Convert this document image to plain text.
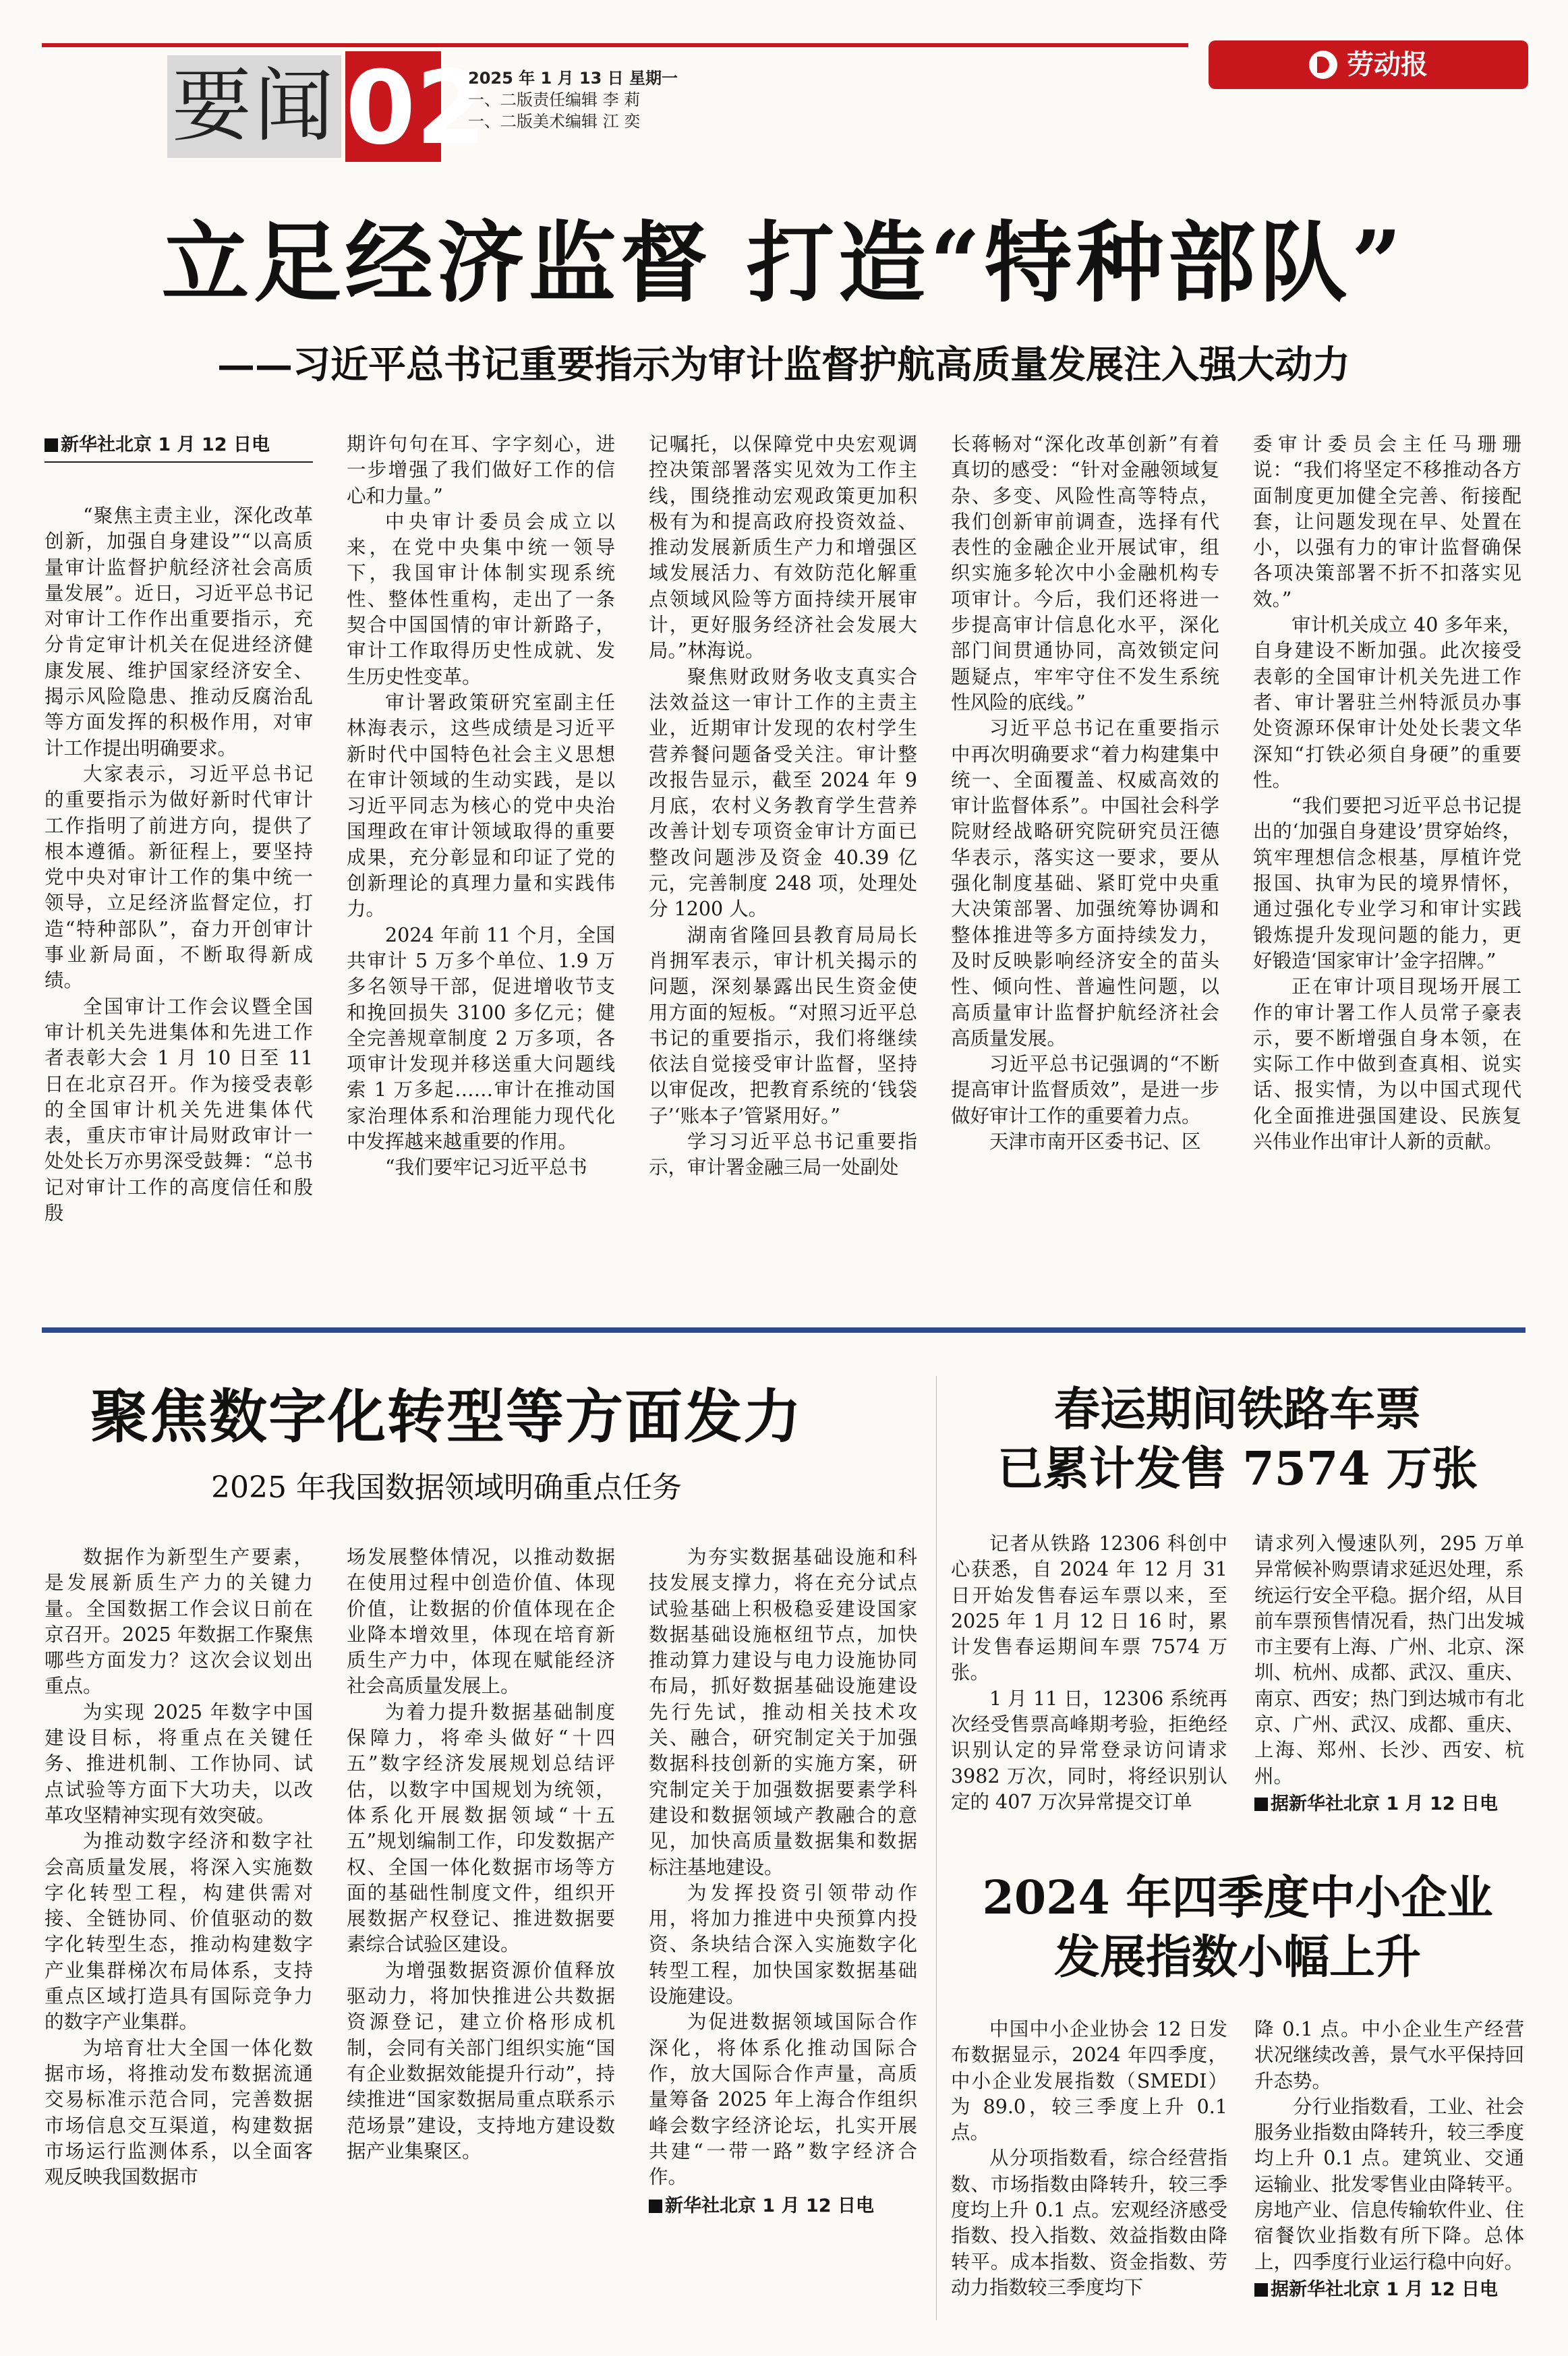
要闻 02
2025 年 1 月 13 日 星期一
一、二版责任编辑 李 莉
一、二版美术编辑 江 奕
劳动报
立足经济监督 打造“特种部队”
——习近平总书记重要指示为审计监督护航高质量发展注入强大动力
新华社北京 1 月 12 日电

“聚焦主责主业，深化改革创新，加强自身建设”“以高质量审计监督护航经济社会高质量发展”。近日，习近平总书记对审计工作作出重要指示，充分肯定审计机关在促进经济健康发展、维护国家经济安全、揭示风险隐患、推动反腐治乱等方面发挥的积极作用，对审计工作提出明确要求。

大家表示，习近平总书记的重要指示为做好新时代审计工作指明了前进方向，提供了根本遵循。新征程上，要坚持党中央对审计工作的集中统一领导，立足经济监督定位，打造“特种部队”，奋力开创审计事业新局面，不断取得新成绩。

全国审计工作会议暨全国审计机关先进集体和先进工作者表彰大会 1 月 10 日至 11 日在北京召开。作为接受表彰的全国审计机关先进集体代表，重庆市审计局财政审计一处处长万亦男深受鼓舞：“总书记对审计工作的高度信任和殷殷

期许句句在耳、字字刻心，进一步增强了我们做好工作的信心和力量。”

中央审计委员会成立以来，在党中央集中统一领导下，我国审计体制实现系统性、整体性重构，走出了一条契合中国国情的审计新路子，审计工作取得历史性成就、发生历史性变革。

审计署政策研究室副主任林海表示，这些成绩是习近平新时代中国特色社会主义思想在审计领域的生动实践，是以习近平同志为核心的党中央治国理政在审计领域取得的重要成果，充分彰显和印证了党的创新理论的真理力量和实践伟力。

2024 年前 11 个月，全国共审计 5 万多个单位、1.9 万多名领导干部，促进增收节支和挽回损失 3100 多亿元；健全完善规章制度 2 万多项，各项审计发现并移送重大问题线索 1 万多起……审计在推动国家治理体系和治理能力现代化中发挥越来越重要的作用。

“我们要牢记习近平总书

记嘱托，以保障党中央宏观调控决策部署落实见效为工作主线，围绕推动宏观政策更加积极有为和提高政府投资效益、推动发展新质生产力和增强区域发展活力、有效防范化解重点领域风险等方面持续开展审计，更好服务经济社会发展大局。”林海说。

聚焦财政财务收支真实合法效益这一审计工作的主责主业，近期审计发现的农村学生营养餐问题备受关注。审计整改报告显示，截至 2024 年 9 月底，农村义务教育学生营养改善计划专项资金审计方面已整改问题涉及资金 40.39 亿元，完善制度 248 项，处理处分 1200 人。

湖南省隆回县教育局局长肖拥军表示，审计机关揭示的问题，深刻暴露出民生资金使用方面的短板。“对照习近平总书记的重要指示，我们将继续依法自觉接受审计监督，坚持以审促改，把教育系统的‘钱袋子’‘账本子’管紧用好。”

学习习近平总书记重要指示，审计署金融三局一处副处

长蒋畅对“深化改革创新”有着真切的感受：“针对金融领域复杂、多变、风险性高等特点，我们创新审前调查，选择有代表性的金融企业开展试审，组织实施多轮次中小金融机构专项审计。今后，我们还将进一步提高审计信息化水平，深化部门间贯通协同，高效锁定问题疑点，牢牢守住不发生系统性风险的底线。”

习近平总书记在重要指示中再次明确要求“着力构建集中统一、全面覆盖、权威高效的审计监督体系”。中国社会科学院财经战略研究院研究员汪德华表示，落实这一要求，要从强化制度基础、紧盯党中央重大决策部署、加强统筹协调和整体推进等多方面持续发力，及时反映影响经济安全的苗头性、倾向性、普遍性问题，以高质量审计监督护航经济社会高质量发展。

习近平总书记强调的“不断提高审计监督质效”，是进一步做好审计工作的重要着力点。

天津市南开区委书记、区

委审计委员会主任马珊珊说：“我们将坚定不移推动各方面制度更加健全完善、衔接配套，让问题发现在早、处置在小，以强有力的审计监督确保各项决策部署不折不扣落实见效。”

审计机关成立 40 多年来，自身建设不断加强。此次接受表彰的全国审计机关先进工作者、审计署驻兰州特派员办事处资源环保审计处处长裴文华深知“打铁必须自身硬”的重要性。

“我们要把习近平总书记提出的‘加强自身建设’贯穿始终，筑牢理想信念根基，厚植许党报国、执审为民的境界情怀，通过强化专业学习和审计实践锻炼提升发现问题的能力，更好锻造‘国家审计’金字招牌。”

正在审计项目现场开展工作的审计署工作人员常子豪表示，要不断增强自身本领，在实际工作中做到查真相、说实话、报实情，为以中国式现代化全面推进强国建设、民族复兴伟业作出审计人新的贡献。

聚焦数字化转型等方面发力
2025 年我国数据领域明确重点任务

数据作为新型生产要素，是发展新质生产力的关键力量。全国数据工作会议日前在京召开。2025 年数据工作聚焦哪些方面发力？这次会议划出重点。

为实现 2025 年数字中国建设目标，将重点在关键任务、推进机制、工作协同、试点试验等方面下大功夫，以改革攻坚精神实现有效突破。

为推动数字经济和数字社会高质量发展，将深入实施数字化转型工程，构建供需对接、全链协同、价值驱动的数字化转型生态，推动构建数字产业集群梯次布局体系，支持重点区域打造具有国际竞争力的数字产业集群。

为培育壮大全国一体化数据市场，将推动发布数据流通交易标准示范合同，完善数据市场信息交互渠道，构建数据市场运行监测体系，以全面客观反映我国数据市

场发展整体情况，以推动数据在使用过程中创造价值、体现价值，让数据的价值体现在企业降本增效里，体现在培育新质生产力中，体现在赋能经济社会高质量发展上。

为着力提升数据基础制度保障力，将牵头做好“十四五”数字经济发展规划总结评估，以数字中国规划为统领，体系化开展数据领域“十五五”规划编制工作，印发数据产权、全国一体化数据市场等方面的基础性制度文件，组织开展数据产权登记、推进数据要素综合试验区建设。

为增强数据资源价值释放驱动力，将加快推进公共数据资源登记，建立价格形成机制，会同有关部门组织实施“国有企业数据效能提升行动”，持续推进“国家数据局重点联系示范场景”建设，支持地方建设数据产业集聚区。

为夯实数据基础设施和科技发展支撑力，将在充分试点试验基础上积极稳妥建设国家数据基础设施枢纽节点，加快推动算力建设与电力设施协同布局，抓好数据基础设施建设先行先试，推动相关技术攻关、融合，研究制定关于加强数据科技创新的实施方案，研究制定关于加强数据要素学科建设和数据领域产教融合的意见，加快高质量数据集和数据标注基地建设。

为发挥投资引领带动作用，将加力推进中央预算内投资、条块结合深入实施数字化转型工程，加快国家数据基础设施建设。

为促进数据领域国际合作深化，将体系化推动国际合作，放大国际合作声量，高质量筹备 2025 年上海合作组织峰会数字经济论坛，扎实开展共建“一带一路”数字经济合作。

新华社北京 1 月 12 日电
春运期间铁路车票
已累计发售 7574 万张

记者从铁路 12306 科创中心获悉，自 2024 年 12 月 31 日开始发售春运车票以来，至 2025 年 1 月 12 日 16 时，累计发售春运期间车票 7574 万张。

1 月 11 日，12306 系统再次经受售票高峰期考验，拒绝经识别认定的异常登录访问请求 3982 万次，同时，将经识别认定的 407 万次异常提交订单

请求列入慢速队列，295 万单异常候补购票请求延迟处理，系统运行安全平稳。据介绍，从目前车票预售情况看，热门出发城市主要有上海、广州、北京、深圳、杭州、成都、武汉、重庆、南京、西安；热门到达城市有北京、广州、武汉、成都、重庆、上海、郑州、长沙、西安、杭州。

据新华社北京 1 月 12 日电
2024 年四季度中小企业
发展指数小幅上升

中国中小企业协会 12 日发布数据显示，2024 年四季度，中小企业发展指数（SMEDI）为 89.0，较三季度上升 0.1 点。

从分项指数看，综合经营指数、市场指数由降转升，较三季度均上升 0.1 点。宏观经济感受指数、投入指数、效益指数由降转平。成本指数、资金指数、劳动力指数较三季度均下

降 0.1 点。中小企业生产经营状况继续改善，景气水平保持回升态势。

分行业指数看，工业、社会服务业指数由降转升，较三季度均上升 0.1 点。建筑业、交通运输业、批发零售业由降转平。房地产业、信息传输软件业、住宿餐饮业指数有所下降。总体上，四季度行业运行稳中向好。

据新华社北京 1 月 12 日电
